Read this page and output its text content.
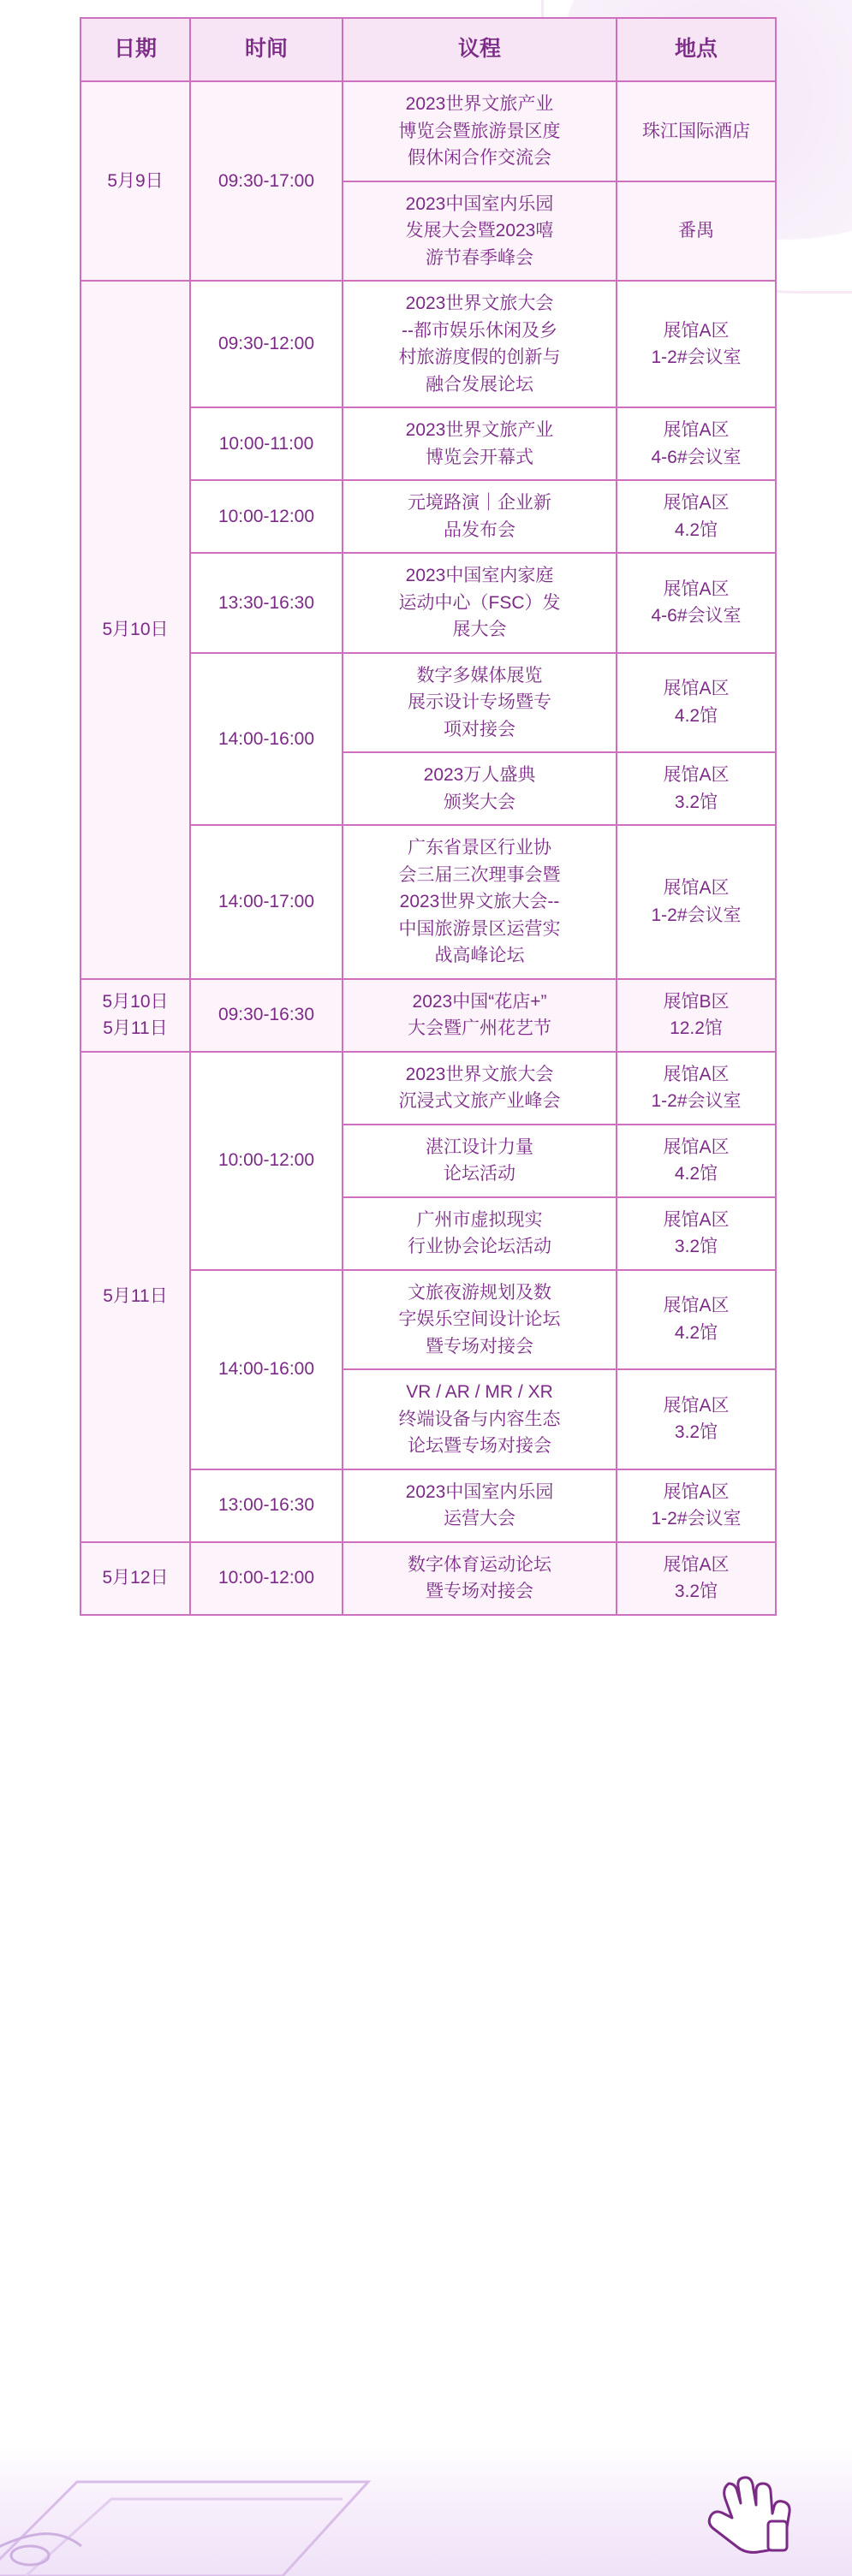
日期	时间	议程	地点
5月9日	09:30-17:00	2023世界文旅产业
博览会暨旅游景区度
假休闲合作交流会	珠江国际酒店

		2023中国室内乐园
发展大会暨2023嘻
游节春季峰会	番禺

5月10日	09:30-12:00	2023世界文旅大会
--都市娱乐休闲及乡
村旅游度假的创新与
融合发展论坛	展馆A区
1-2#会议室

	10:00-11:00	2023世界文旅产业
博览会开幕式	展馆A区
4-6#会议室

	10:00-12:00	元境路演｜企业新
品发布会	展馆A区
4.2馆

	13:30-16:30	2023中国室内家庭
运动中心（FSC）发
展大会	展馆A区
4-6#会议室

	14:00-16:00	数字多媒体展览
展示设计专场暨专
项对接会	展馆A区
4.2馆

		2023万人盛典
颁奖大会	展馆A区
3.2馆

	14:00-17:00	广东省景区行业协
会三届三次理事会暨
2023世界文旅大会--
中国旅游景区运营实
战高峰论坛	展馆A区
1-2#会议室

5月10日
5月11日	09:30-16:30	2023中国“花店+”
大会暨广州花艺节	展馆B区
12.2馆

5月11日	10:00-12:00	2023世界文旅大会
沉浸式文旅产业峰会	展馆A区
1-2#会议室

		湛江设计力量
论坛活动	展馆A区
4.2馆

		广州市虚拟现实
行业协会论坛活动	展馆A区
3.2馆

	14:00-16:00	文旅夜游规划及数
字娱乐空间设计论坛
暨专场对接会	展馆A区
4.2馆

		VR / AR / MR / XR
终端设备与内容生态
论坛暨专场对接会	展馆A区
3.2馆

	13:00-16:30	2023中国室内乐园
运营大会	展馆A区
1-2#会议室

5月12日	10:00-12:00	数字体育运动论坛
暨专场对接会	展馆A区
3.2馆
